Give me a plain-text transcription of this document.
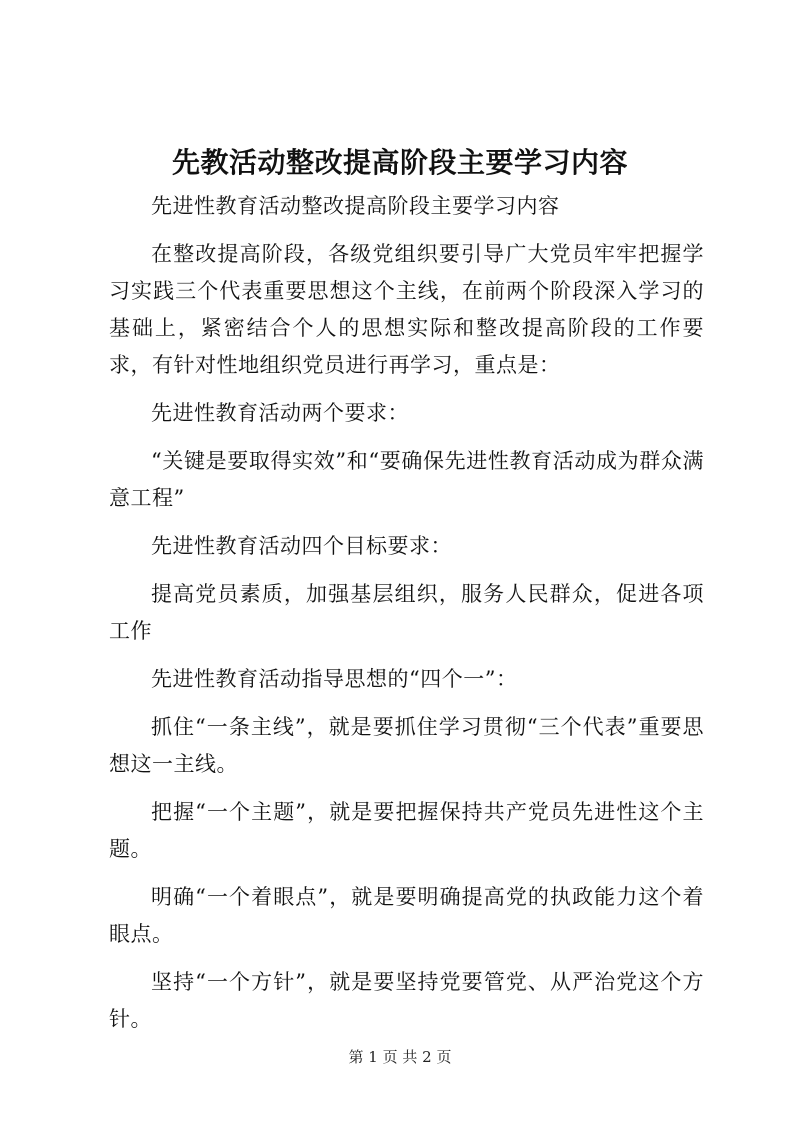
先教活动整改提高阶段主要学习内容

先进性教育活动整改提高阶段主要学习内容

在整改提高阶段，各级党组织要引导广大党员牢牢把握学习实践三个代表重要思想这个主线，在前两个阶段深入学习的基础上，紧密结合个人的思想实际和整改提高阶段的工作要求，有针对性地组织党员进行再学习，重点是：

先进性教育活动两个要求：

“关键是要取得实效”和“要确保先进性教育活动成为群众满意工程”

先进性教育活动四个目标要求：

提高党员素质，加强基层组织，服务人民群众，促进各项工作

先进性教育活动指导思想的“四个一”：

抓住“一条主线”，就是要抓住学习贯彻“三个代表”重要思想这一主线。

把握“一个主题”，就是要把握保持共产党员先进性这个主题。

明确“一个着眼点”，就是要明确提高党的执政能力这个着眼点。

坚持“一个方针”，就是要坚持党要管党、从严治党这个方针。

第 1 页 共 2 页
